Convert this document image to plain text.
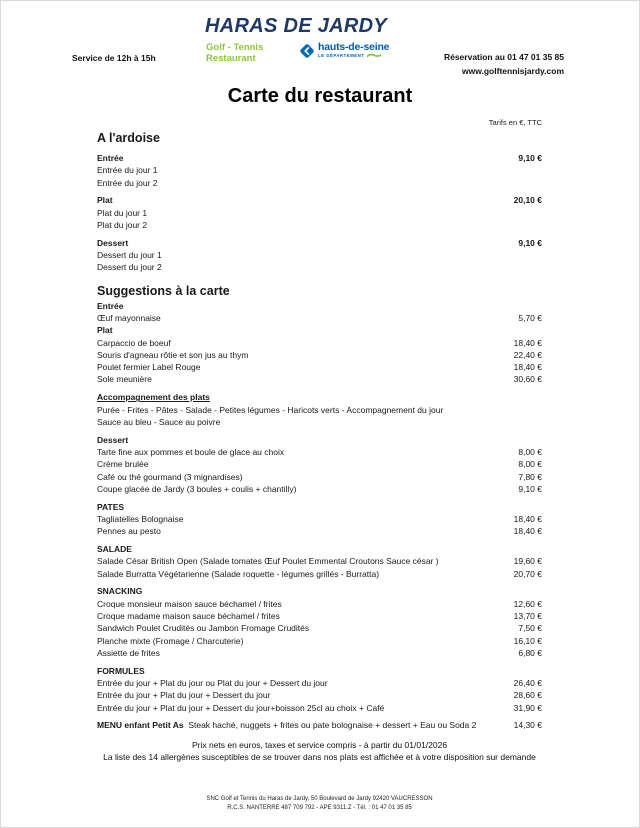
Service de 12h à 15h
HARAS DE JARDY
Golf - Tennis
Restaurant
hauts-de-seine
LE DÉPARTEMENT	Réservation au 01 47 01 35 85
www.golftennisjardy.com
Carte du restaurant
Tarifs en €, TTC
A l'ardoise
Entrée	9,10 €
Entrée du jour 1
Entrée du jour 2
Plat	20,10 €
Plat du jour 1
Plat du jour 2
Dessert	9,10 €
Dessert du jour 1
Dessert du jour 2
Suggestions à la carte
Entrée
Œuf mayonnaise	5,70 €
Plat
Carpaccio de boeuf	18,40 €
Souris d'agneau rôtie et son jus au thym	22,40 €
Poulet fermier Label Rouge	18,40 €
Sole meunière	30,60 €
Accompagnement des plats
Purée - Frites - Pâtes - Salade - Petites légumes - Haricots verts - Accompagnement du jour
Sauce au bleu - Sauce au poivre
Dessert
Tarte fine aux pommes et boule de glace au choix	8,00 €
Crème brulée	8,00 €
Café ou thé gourmand (3 mignardises)	7,80 €
Coupe glacée de Jardy (3 boules + coulis + chantilly)	9,10 €
PATES
Tagliatelles Bolognaise	18,40 €
Pennes au pesto	18,40 €
SALADE
Salade César British Open (Salade tomates Œuf Poulet Emmental Croutons Sauce césar )	19,60 €
Salade Burratta Végétarienne (Salade roquette - légumes grillés - Burratta)	20,70 €
SNACKING
Croque monsieur maison sauce béchamel / frites	12,60 €
Croque madame maison sauce béchamel / frites	13,70 €
Sandwich Poulet Crudités ou Jambon Fromage Crudités	7,50 €
Planche mixte (Fromage / Charcuterie)	16,10 €
Assiette de frites	6,80 €
FORMULES
Entrée du jour + Plat du jour ou Plat du jour + Dessert du jour	26,40 €
Entrée du jour + Plat du jour + Dessert du jour	28,60 €
Entrée du jour + Plat du jour + Dessert du jour+boisson 25cl au choix + Café	31,90 €
MENU enfant Petit As  Steak haché, nuggets + frites ou pate bolognaise + dessert + Eau ou Soda 2	14,30 €
Prix nets en euros, taxes et service compris - à partir du 01/01/2026
La liste des 14 allergènes susceptibles de se trouver dans nos plats est affichée et à votre disposition sur demande
SNC Golf et Tennis du Haras de Jardy, 50 Boulevard de Jardy 92420 VAUCRESSON
R.C.S. NANTERRE 487 709 792 - APE 9311.Z - Tél. : 01 47 01 35 85
